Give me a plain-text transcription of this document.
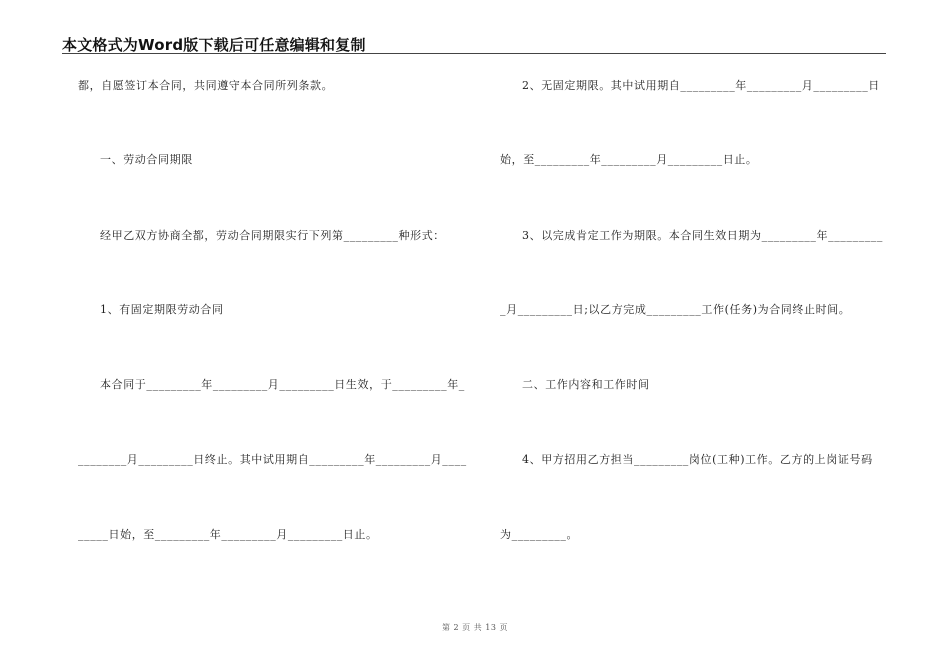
本文格式为Word版下载后可任意编辑和复制
都，自愿签订本合同，共同遵守本合同所列条款。
一、劳动合同期限
经甲乙双方协商全都，劳动合同期限实行下列第_________种形式：
1、有固定期限劳动合同
本合同于_________年_________月_________日生效，于_________年_
________月_________日终止。其中试用期自_________年_________月____
_____日始，至_________年_________月_________日止。
2、无固定期限。其中试用期自_________年_________月_________日
始，至_________年_________月_________日止。
3、以完成肯定工作为期限。本合同生效日期为_________年_________
_月_________日;以乙方完成_________工作(任务)为合同终止时间。
二、工作内容和工作时间
4、甲方招用乙方担当_________岗位(工种)工作。乙方的上岗证号码
为_________。
第 2 页 共 13 页
